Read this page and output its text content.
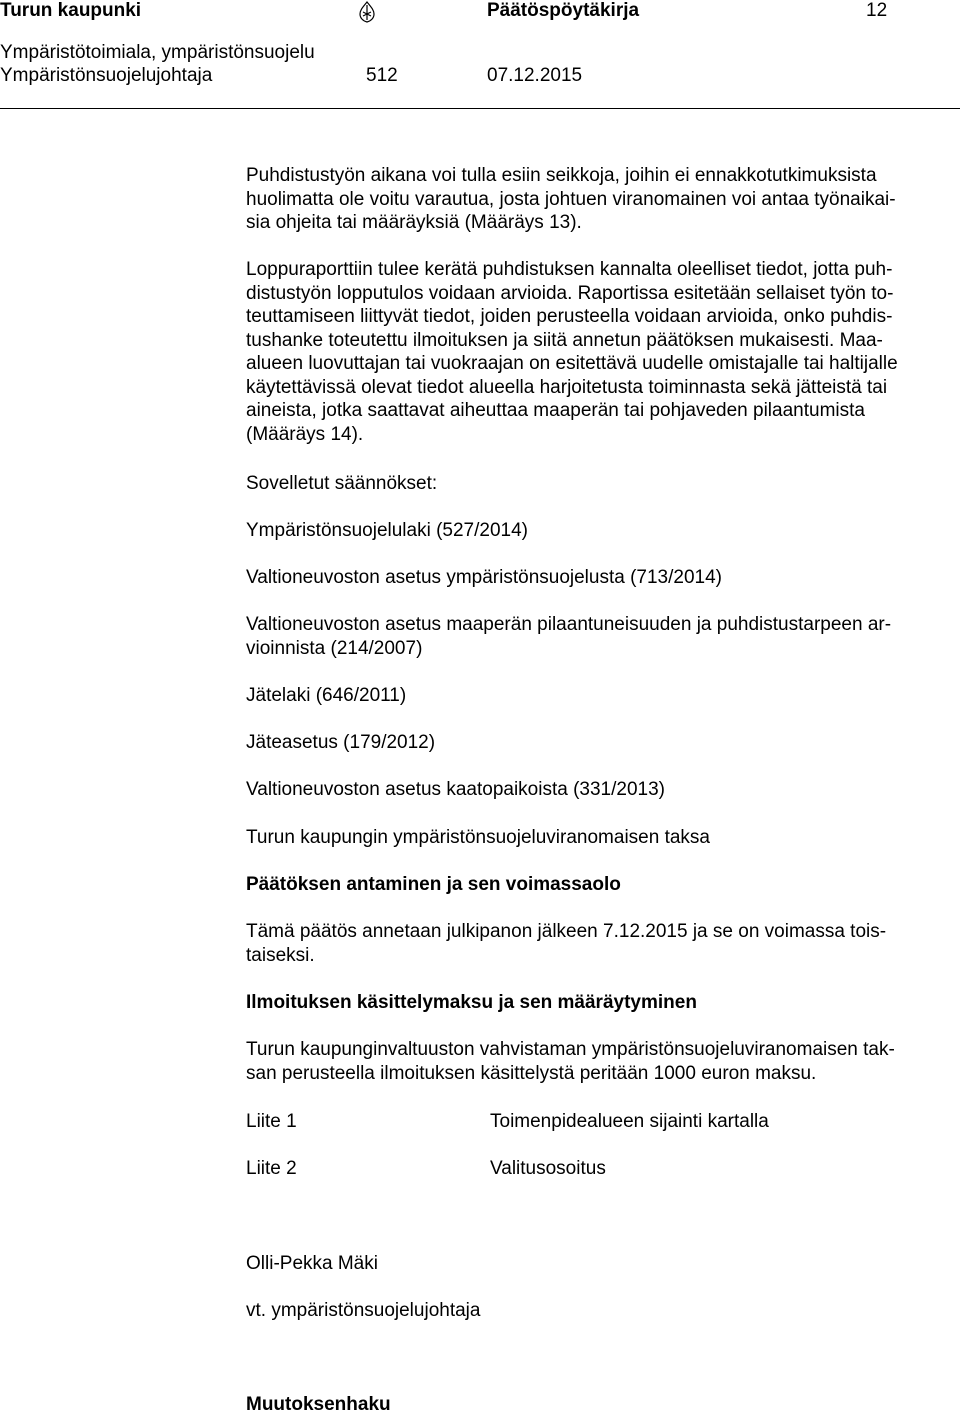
Turun kaupunki	Päätöspöytäkirja	12
Ympäristötoimiala, ympäristönsuojelu
Ympäristönsuojelujohtaja	512	07.12.2015
Puhdistustyön aikana voi tulla esiin seikkoja, joihin ei ennakkotutkimuksista
huolimatta ole voitu varautua, josta johtuen viranomainen voi antaa työnaikai-
sia ohjeita tai määräyksiä (Määräys 13).
Loppuraporttiin tulee kerätä puhdistuksen kannalta oleelliset tiedot, jotta puh-
distustyön lopputulos voidaan arvioida. Raportissa esitetään sellaiset työn to-
teuttamiseen liittyvät tiedot, joiden perusteella voidaan arvioida, onko puhdis-
tushanke toteutettu ilmoituksen ja siitä annetun päätöksen mukaisesti. Maa-
alueen luovuttajan tai vuokraajan on esitettävä uudelle omistajalle tai haltijalle
käytettävissä olevat tiedot alueella harjoitetusta toiminnasta sekä jätteistä tai
aineista, jotka saattavat aiheuttaa maaperän tai pohjaveden pilaantumista
(Määräys 14).
Sovelletut säännökset:
Ympäristönsuojelulaki (527/2014)
Valtioneuvoston asetus ympäristönsuojelusta (713/2014)
Valtioneuvoston asetus maaperän pilaantuneisuuden ja puhdistustarpeen ar-
vioinnista (214/2007)
Jätelaki (646/2011)
Jäteasetus (179/2012)
Valtioneuvoston asetus kaatopaikoista (331/2013)
Turun kaupungin ympäristönsuojeluviranomaisen taksa
Päätöksen antaminen ja sen voimassaolo
Tämä päätös annetaan julkipanon jälkeen 7.12.2015 ja se on voimassa tois-
taiseksi.
Ilmoituksen käsittelymaksu ja sen määräytyminen
Turun kaupunginvaltuuston vahvistaman ympäristönsuojeluviranomaisen tak-
san perusteella ilmoituksen käsittelystä peritään 1000 euron maksu.
Liite 1	Toimenpidealueen sijainti kartalla
Liite 2	Valitusosoitus
Olli-Pekka Mäki
vt. ympäristönsuojelujohtaja
Muutoksenhaku
